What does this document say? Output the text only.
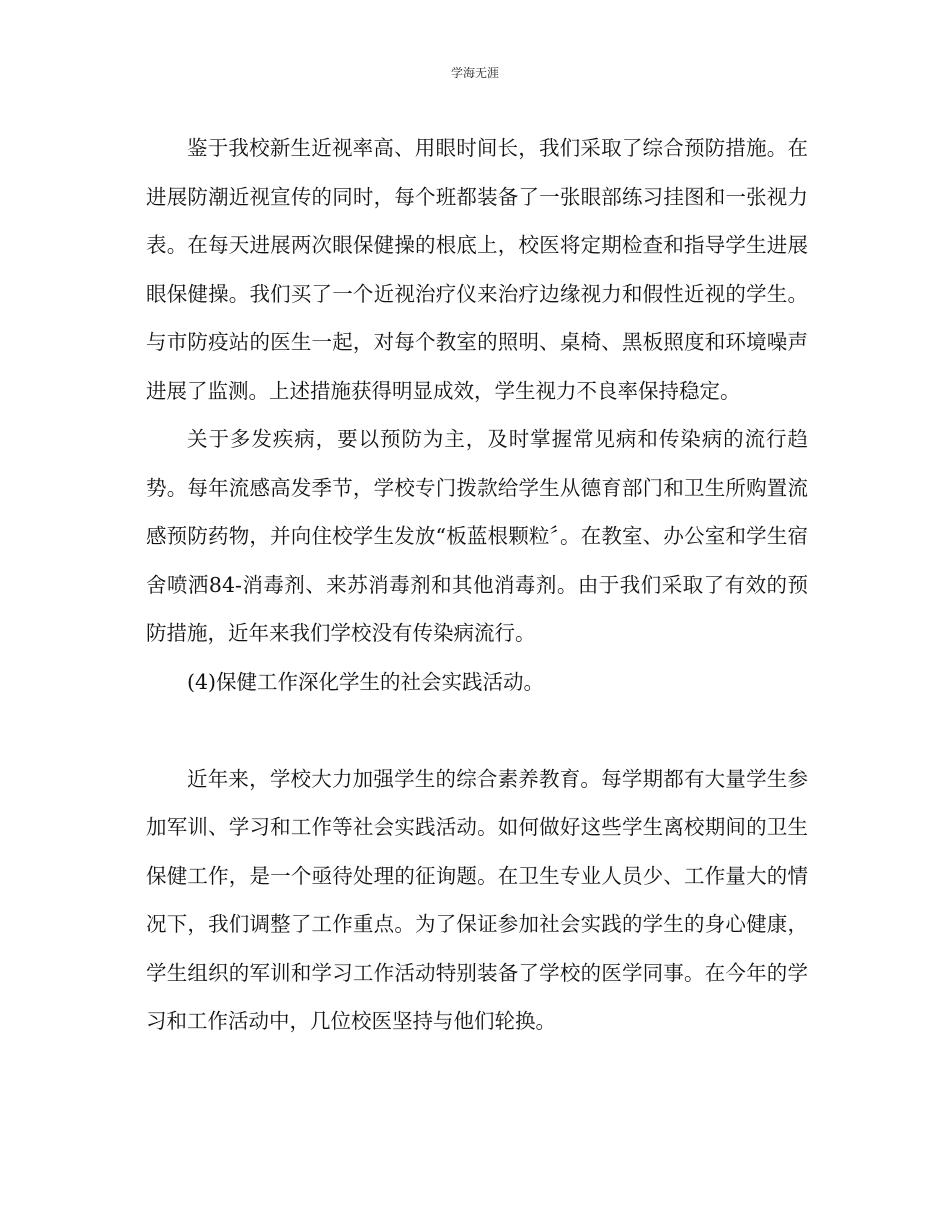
学海无涯

鉴于我校新生近视率高、用眼时间长，我们采取了综合预防措施。在进展防潮近视宣传的同时，每个班都装备了一张眼部练习挂图和一张视力表。在每天进展两次眼保健操的根底上，校医将定期检查和指导学生进展眼保健操。我们买了一个近视治疗仪来治疗边缘视力和假性近视的学生。与市防疫站的医生一起，对每个教室的照明、桌椅、黑板照度和环境噪声进展了监测。上述措施获得明显成效，学生视力不良率保持稳定。

关于多发疾病，要以预防为主，及时掌握常见病和传染病的流行趋势。每年流感高发季节，学校专门拨款给学生从德育部门和卫生所购置流感预防药物，并向住校学生发放“板蓝根颗粒〞。在教室、办公室和学生宿舍喷洒84-消毒剂、来苏消毒剂和其他消毒剂。由于我们采取了有效的预防措施，近年来我们学校没有传染病流行。

(4)保健工作深化学生的社会实践活动。

近年来，学校大力加强学生的综合素养教育。每学期都有大量学生参加军训、学习和工作等社会实践活动。如何做好这些学生离校期间的卫生保健工作，是一个亟待处理的征询题。在卫生专业人员少、工作量大的情况下，我们调整了工作重点。为了保证参加社会实践的学生的身心健康，学生组织的军训和学习工作活动特别装备了学校的医学同事。在今年的学习和工作活动中，几位校医坚持与他们轮换。
